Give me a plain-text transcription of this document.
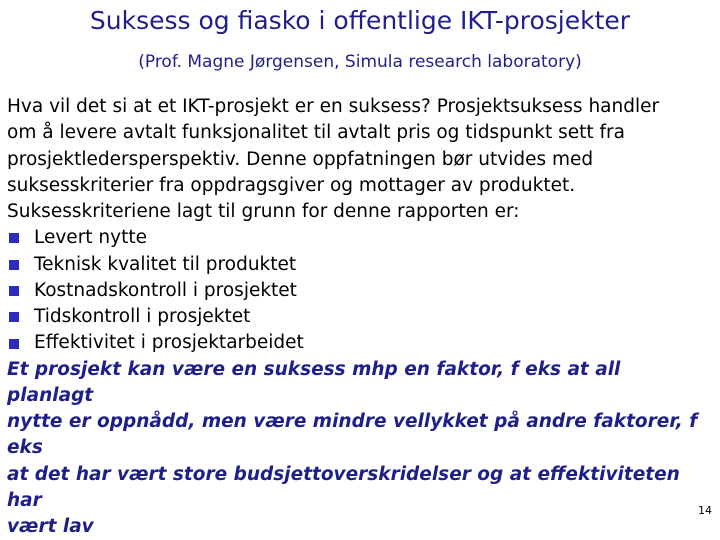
Suksess og fiasko i offentlige IKT-prosjekter
(Prof. Magne Jørgensen, Simula research laboratory)

Hva vil det si at et IKT-prosjekt er en suksess? Prosjektsuksess handler
om å levere avtalt funksjonalitet til avtalt pris og tidspunkt sett fra
prosjektledersperspektiv. Denne oppfatningen bør utvides med
suksesskriterier fra oppdragsgiver og mottager av produktet.
Suksesskriteriene lagt til grunn for denne rapporten er:

Levert nytte
Teknisk kvalitet til produktet
Kostnadskontroll i prosjektet
Tidskontroll i prosjektet
Effektivitet i prosjektarbeidet

Et prosjekt kan være en suksess mhp en faktor, f eks at all planlagt
nytte er oppnådd, men være mindre vellykket på andre faktorer, f eks
at det har vært store budsjettoverskridelser og at effektiviteten har
vært lav

14
